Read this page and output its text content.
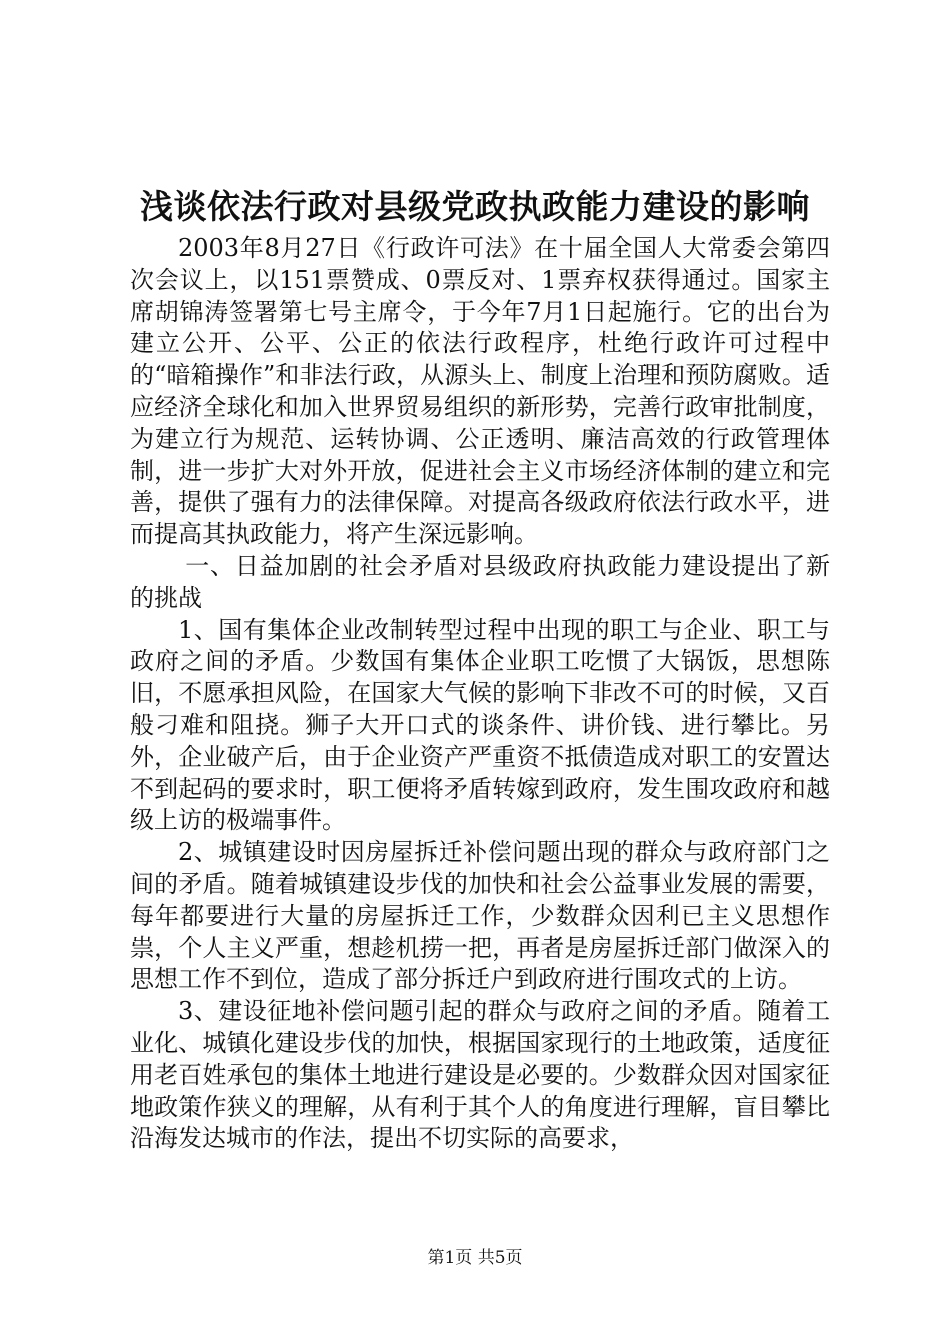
浅谈依法行政对县级党政执政能力建设的影响

2003年8月27日《行政许可法》在十届全国人大常委会第四次会议上，以151票赞成、0票反对、1票弃权获得通过。国家主席胡锦涛签署第七号主席令，于今年7月1日起施行。它的出台为建立公开、公平、公正的依法行政程序，杜绝行政许可过程中的“暗箱操作”和非法行政，从源头上、制度上治理和预防腐败。适应经济全球化和加入世界贸易组织的新形势，完善行政审批制度，为建立行为规范、运转协调、公正透明、廉洁高效的行政管理体制，进一步扩大对外开放，促进社会主义市场经济体制的建立和完善，提供了强有力的法律保障。对提高各级政府依法行政水平，进而提高其执政能力，将产生深远影响。

一、日益加剧的社会矛盾对县级政府执政能力建设提出了新的挑战

1、国有集体企业改制转型过程中出现的职工与企业、职工与政府之间的矛盾。少数国有集体企业职工吃惯了大锅饭，思想陈旧，不愿承担风险，在国家大气候的影响下非改不可的时候，又百般刁难和阻挠。狮子大开口式的谈条件、讲价钱、进行攀比。另外，企业破产后，由于企业资产严重资不抵债造成对职工的安置达不到起码的要求时，职工便将矛盾转嫁到政府，发生围攻政府和越级上访的极端事件。

2、城镇建设时因房屋拆迁补偿问题出现的群众与政府部门之间的矛盾。随着城镇建设步伐的加快和社会公益事业发展的需要，每年都要进行大量的房屋拆迁工作，少数群众因利已主义思想作祟，个人主义严重，想趁机捞一把，再者是房屋拆迁部门做深入的思想工作不到位，造成了部分拆迁户到政府进行围攻式的上访。

3、建设征地补偿问题引起的群众与政府之间的矛盾。随着工业化、城镇化建设步伐的加快，根据国家现行的土地政策，适度征用老百姓承包的集体土地进行建设是必要的。少数群众因对国家征地政策作狭义的理解，从有利于其个人的角度进行理解，盲目攀比沿海发达城市的作法，提出不切实际的高要求，

第1页 共5页
